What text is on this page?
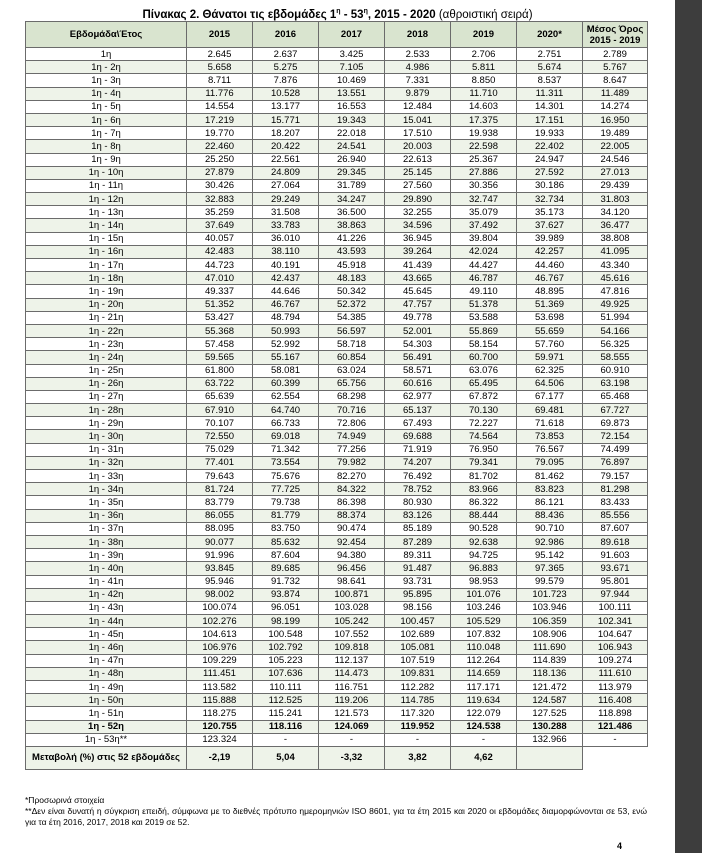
Πίνακας 2. Θάνατοι τις εβδομάδες $1^\eta - 53^\eta$, 2015 - 2020 (αθροιστική σειρά)
Εβδομάδα\Έτος	2015	2016	2017	2018	2019	2020*	Μέσος Όρος 2015 - 2019
1η	2.645	2.637	3.425	2.533	2.706	2.751	2.789
1η - 2η	5.658	5.275	7.105	4.986	5.811	5.674	5.767
1η - 3η	8.711	7.876	10.469	7.331	8.850	8.537	8.647
1η - 4η	11.776	10.528	13.551	9.879	11.710	11.311	11.489
1η - 5η	14.554	13.177	16.553	12.484	14.603	14.301	14.274
1η - 6η	17.219	15.771	19.343	15.041	17.375	17.151	16.950
1η - 7η	19.770	18.207	22.018	17.510	19.938	19.933	19.489
1η - 8η	22.460	20.422	24.541	20.003	22.598	22.402	22.005
1η - 9η	25.250	22.561	26.940	22.613	25.367	24.947	24.546
1η - 10η	27.879	24.809	29.345	25.145	27.886	27.592	27.013
1η - 11η	30.426	27.064	31.789	27.560	30.356	30.186	29.439
1η - 12η	32.883	29.249	34.247	29.890	32.747	32.734	31.803
1η - 13η	35.259	31.508	36.500	32.255	35.079	35.173	34.120
1η - 14η	37.649	33.783	38.863	34.596	37.492	37.627	36.477
1η - 15η	40.057	36.010	41.226	36.945	39.804	39.989	38.808
1η - 16η	42.483	38.110	43.593	39.264	42.024	42.257	41.095
1η - 17η	44.723	40.191	45.918	41.439	44.427	44.460	43.340
1η - 18η	47.010	42.437	48.183	43.665	46.787	46.767	45.616
1η - 19η	49.337	44.646	50.342	45.645	49.110	48.895	47.816
1η - 20η	51.352	46.767	52.372	47.757	51.378	51.369	49.925
1η - 21η	53.427	48.794	54.385	49.778	53.588	53.698	51.994
1η - 22η	55.368	50.993	56.597	52.001	55.869	55.659	54.166
1η - 23η	57.458	52.992	58.718	54.303	58.154	57.760	56.325
1η - 24η	59.565	55.167	60.854	56.491	60.700	59.971	58.555
1η - 25η	61.800	58.081	63.024	58.571	63.076	62.325	60.910
1η - 26η	63.722	60.399	65.756	60.616	65.495	64.506	63.198
1η - 27η	65.639	62.554	68.298	62.977	67.872	67.177	65.468
1η - 28η	67.910	64.740	70.716	65.137	70.130	69.481	67.727
1η - 29η	70.107	66.733	72.806	67.493	72.227	71.618	69.873
1η - 30η	72.550	69.018	74.949	69.688	74.564	73.853	72.154
1η - 31η	75.029	71.342	77.256	71.919	76.950	76.567	74.499
1η - 32η	77.401	73.554	79.982	74.207	79.341	79.095	76.897
1η - 33η	79.643	75.676	82.270	76.492	81.702	81.462	79.157
1η - 34η	81.724	77.725	84.322	78.752	83.966	83.823	81.298
1η - 35η	83.779	79.738	86.398	80.930	86.322	86.121	83.433
1η - 36η	86.055	81.779	88.374	83.126	88.444	88.436	85.556
1η - 37η	88.095	83.750	90.474	85.189	90.528	90.710	87.607
1η - 38η	90.077	85.632	92.454	87.289	92.638	92.986	89.618
1η - 39η	91.996	87.604	94.380	89.311	94.725	95.142	91.603
1η - 40η	93.845	89.685	96.456	91.487	96.883	97.365	93.671
1η - 41η	95.946	91.732	98.641	93.731	98.953	99.579	95.801
1η - 42η	98.002	93.874	100.871	95.895	101.076	101.723	97.944
1η - 43η	100.074	96.051	103.028	98.156	103.246	103.946	100.111
1η - 44η	102.276	98.199	105.242	100.457	105.529	106.359	102.341
1η - 45η	104.613	100.548	107.552	102.689	107.832	108.906	104.647
1η - 46η	106.976	102.792	109.818	105.081	110.048	111.690	106.943
1η - 47η	109.229	105.223	112.137	107.519	112.264	114.839	109.274
1η - 48η	111.451	107.636	114.473	109.831	114.659	118.136	111.610
1η - 49η	113.582	110.111	116.751	112.282	117.171	121.472	113.979
1η - 50η	115.888	112.525	119.206	114.785	119.634	124.587	116.408
1η - 51η	118.275	115.241	121.573	117.320	122.079	127.525	118.898
1η - 52η	120.755	118.116	124.069	119.952	124.538	130.288	121.486
1η - 53η**	123.324	-	-	-	-	132.966	-
Μεταβολή (%) στις 52 εβδομάδες	-2,19	5,04	-3,32	3,82	4,62		

*Προσωρινά στοιχεία

**Δεν είναι δυνατή η σύγκριση επειδή, σύμφωνα με το διεθνές πρότυπο ημερομηνιών ISO 8601, για τα έτη 2015 και 2020 οι εβδομάδες διαμορφώνονται σε 53, ενώ για τα έτη 2016, 2017, 2018 και 2019 σε 52.

4
